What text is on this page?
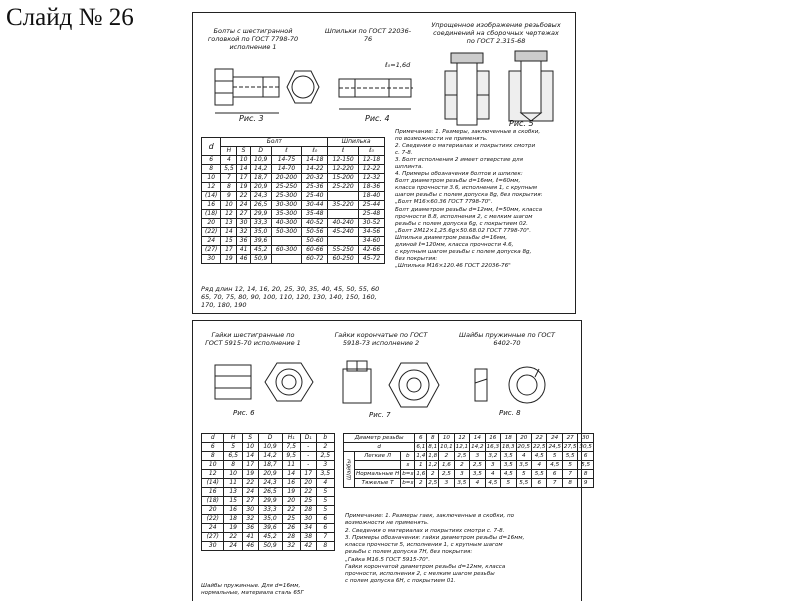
Слайд № 26	Болты с шестигранной головкой по ГОСТ 7798-70 исполнение 1
Шпильки по ГОСТ 22036-76
Упрощенное изображение резьбовых соединений на сборочных чертежах по ГОСТ 2.315-68
Рис. 3
ℓ₀=1,6d
Рис. 4
Рис. 5
d	Болт					Шпилька	
	H	S	D	ℓ	ℓ₀	ℓ	ℓ₀
6	4	10	10,9	14-75	14-18	12-150	12-18
8	5,5	14	14,2	14-70	14-22	12-220	12-22
10	7	17	18,7	20-200	20-32	15-200	12-32
12	8	19	20,9	25-250	25-36	25-220	18-36
(14)	9	22	24,3	25-300	25-40		18-40
16	10	24	26,5	30-300	30-44	35-220	25-44
(18)	12	27	29,9	35-300	35-48		25-48
20	13	30	33,3	40-300	40-52	40-240	30-52
(22)	14	32	35,0	50-300	50-56	45-240	34-56
24	15	36	39,6		50-60		34-60
(27)	17	41	45,2	60-300	60-66	55-250	42-66
30	19	46	50,9		60-72	60-250	45-72
Ряд длин 12, 14, 16, 20, 25, 30, 35, 40, 45, 50, 55, 60
65, 70, 75, 80, 90, 100, 110, 120, 130, 140, 150, 160, 170, 180, 190
Примечание: 1. Размеры, заключенные в скобки,
по возможности не применять.
2. Сведения о материалах и покрытиях смотри
с. 7-8.
3. Болт исполнения 2 имеет отверстие для
шплинта.
4. Примеры обозначения болтов и шпилек:
Болт диаметром резьбы d=16мм, ℓ=60мм,
класса прочности 3.6, исполнения 1, с крупным
шагом резьбы с полем допуска 8g, без покрытия:
„Болт М16×60.36 ГОСТ 7798-70".
Болт диаметром резьбы d=12мм, ℓ=50мм, класса
прочности 8.8, исполнения 2, с мелким шагом
резьбы с полем допуска 6g, с покрытием 02.
„Болт 2М12×1,25.6g×50.68.02 ГОСТ 7798-70".
Шпилька диаметром резьбы d=16мм,
длиной ℓ=120мм, класса прочности 4.6,
с крупным шагом резьбы с полем допуска 8g,
без покрытия:
„Шпилька М16×120.46 ГОСТ 22036-76"
Гайки шестигранные по ГОСТ 5915-70 исполнение 1
Гайки корончатые по ГОСТ 5918-73 исполнение 2
Шайбы пружинные по ГОСТ 6402-70
Рис. 6	Рис. 7	Рис. 8
d	H	S	D	H₁	D₁	b
6	5	10	10,9	7,5	-	2
8	6,5	14	14,2	9,5	-	2,5
10	8	17	18,7	11	-	3
12	10	19	20,9	14	17	3,5
(14)	11	22	24,3	16	20	4
16	13	24	26,5	19	22	5
(18)	15	27	29,9	20	25	5
20	16	30	33,3	22	28	5
(22)	18	32	35,0	25	30	6
24	19	36	39,6	26	34	6
(27)	22	41	45,2	28	38	7
30	24	46	50,9	32	42	8
Диаметр резьбы			6	8	10	12	14	16	18	20	22	24	27	30
d			6,1	8,1	10,1	12,1	14,2	16,3	18,3	20,5	22,5	24,5	27,5	30,5
Шайбы	Легкие Л	b	1,4	1,8	2	2,5	3	3,2	3,5	4	4,5	5	5,5	6
		s	1	1,2	1,6	2	2,5	3	3,5	3,5	4	4,5	5	5,5
	Нормальные Н	b=s	1,6	2	2,5	3	3,5	4	4,5	5	5,5	6	7	8
	Тяжелые Т	b=s	2	2,5	3	3,5	4	4,5	5	5,5	6	7	8	9
Примечание: 1. Размеры гаек, заключенные в скобки, по
возможности не применять.
2. Сведения о материалах и покрытиях смотри с. 7-8.
3. Примеры обозначения: гайки диаметром резьбы d=16мм,
класса прочности 5, исполнения 1, с крупным шагом
резьбы с полем допуска 7H, без покрытия:
„Гайка М16.5 ГОСТ 5915-70".
Гайки корончатой диаметром резьбы d=12мм, класса
прочности, исполнения 2, с мелким шагом резьбы
с полем допуска 6H, с покрытием 01.
Шайбы пружинные. Для d=16мм, нормальные, материала сталь 65Г
